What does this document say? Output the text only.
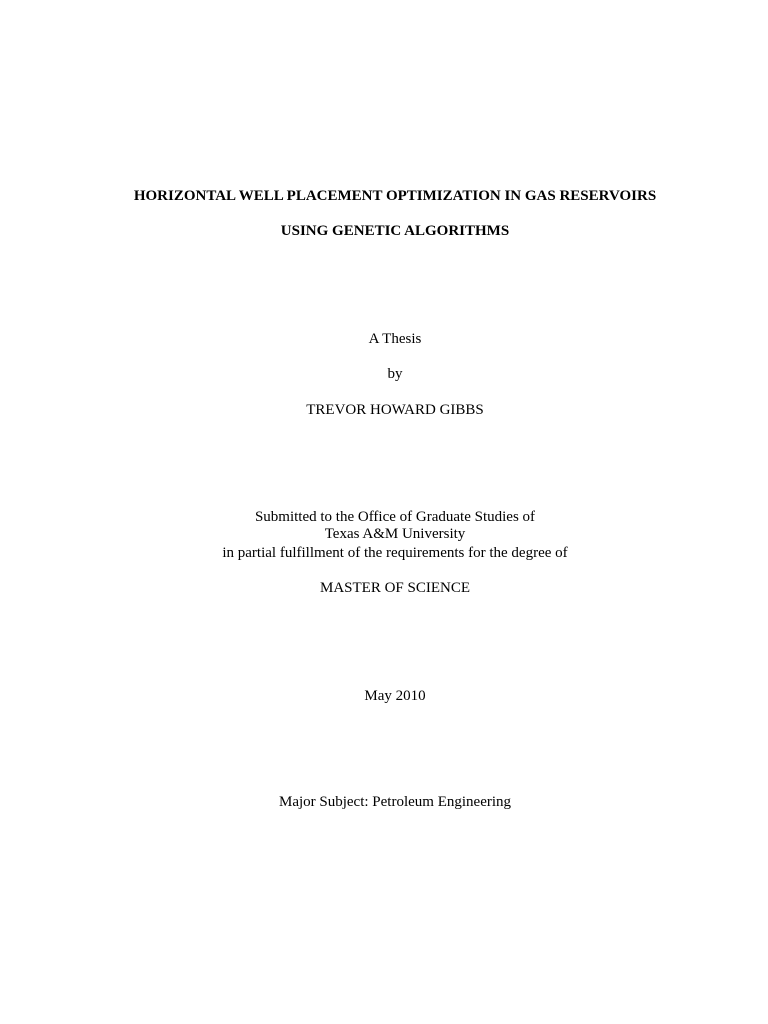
HORIZONTAL WELL PLACEMENT OPTIMIZATION IN GAS RESERVOIRS
USING GENETIC ALGORITHMS
A Thesis
by
TREVOR HOWARD GIBBS
Submitted to the Office of Graduate Studies of
Texas A&M University
in partial fulfillment of the requirements for the degree of
MASTER OF SCIENCE
May 2010
Major Subject: Petroleum Engineering
